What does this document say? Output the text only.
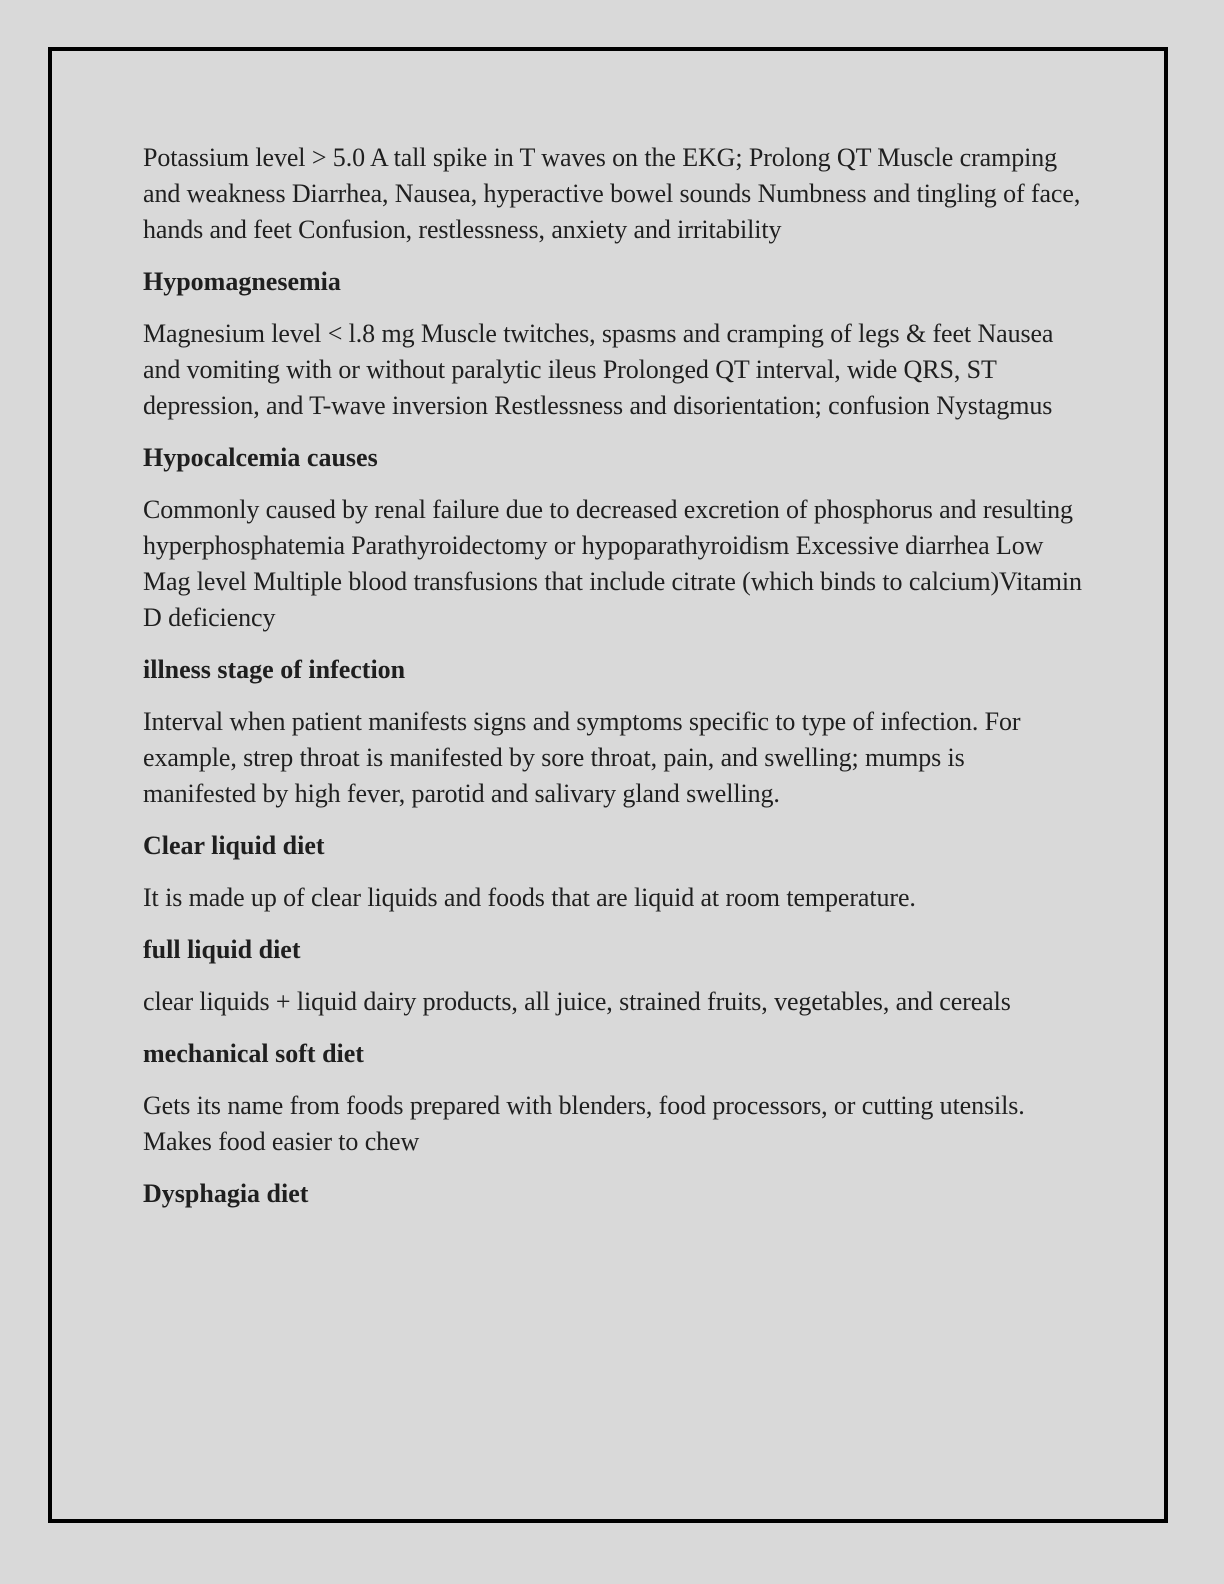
Potassium level > 5.0 A tall spike in T waves on the EKG; Prolong QT Muscle cramping and weakness Diarrhea, Nausea, hyperactive bowel sounds Numbness and tingling of face, hands and feet Confusion, restlessness, anxiety and irritability

Hypomagnesemia

Magnesium level < l.8 mg Muscle twitches, spasms and cramping of legs & feet Nausea and vomiting with or without paralytic ileus Prolonged QT interval, wide QRS, ST depression, and T-wave inversion Restlessness and disorientation; confusion Nystagmus

Hypocalcemia causes

Commonly caused by renal failure due to decreased excretion of phosphorus and resulting hyperphosphatemia Parathyroidectomy or hypoparathyroidism Excessive diarrhea Low Mag level Multiple blood transfusions that include citrate (which binds to calcium)Vitamin D deficiency

illness stage of infection

Interval when patient manifests signs and symptoms specific to type of infection. For example, strep throat is manifested by sore throat, pain, and swelling; mumps is manifested by high fever, parotid and salivary gland swelling.

Clear liquid diet

It is made up of clear liquids and foods that are liquid at room temperature.

full liquid diet

clear liquids + liquid dairy products, all juice, strained fruits, vegetables, and cereals

mechanical soft diet

Gets its name from foods prepared with blenders, food processors, or cutting utensils. Makes food easier to chew

Dysphagia diet
